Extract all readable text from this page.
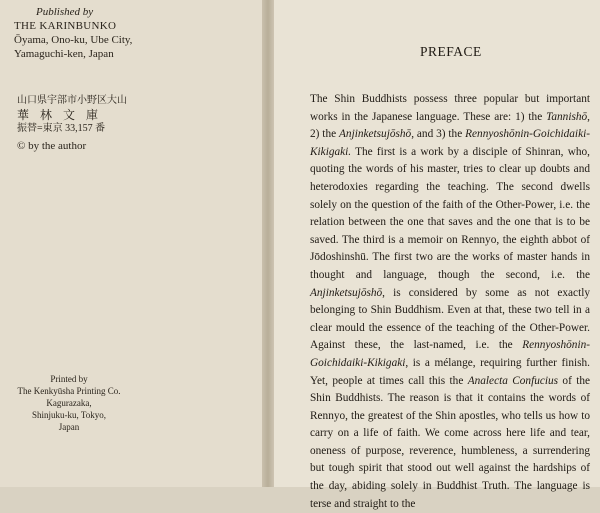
Published by
THE KARINBUNKO
Ōyama, Ono-ku, Ube City,
Yamaguchi-ken, Japan
山口県宇部市小野区大山
華林文庫
振替=東京 33,157 番
© by the author
Printed by
The Kenkyūsha Printing Co.
Kagurazaka,
Shinjuku-ku, Tokyo,
Japan
PREFACE

The Shin Buddhists possess three popular but important works in the Japanese language. These are: 1) the Tannishō, 2) the Anjinketsujōshō, and 3) the Rennyoshōnin-Goichidaiki-Kikigaki. The first is a work by a disciple of Shinran, who, quoting the words of his master, tries to clear up doubts and heterodoxies regarding the teaching. The second dwells solely on the question of the faith of the Other-Power, i.e. the relation between the one that saves and the one that is to be saved. The third is a memoir on Rennyo, the eighth abbot of Jōdoshinshū. The first two are the works of master hands in thought and language, though the second, i.e. the Anjinketsujōshō, is considered by some as not exactly belonging to Shin Buddhism. Even at that, these two tell in a clear mould the essence of the teaching of the Other-Power. Against these, the last-named, i.e. the Rennyoshōnin-Goichidaiki-Kikigaki, is a mélange, requiring further finish. Yet, people at times call this the Analecta Confucius of the Shin Buddhists. The reason is that it contains the words of Rennyo, the greatest of the Shin apostles, who tells us how to carry on a life of faith. We come across here life and tear, oneness of purpose, reverence, humbleness, a surrendering but tough spirit that stood out well against the hardships of the day, abiding solely in Buddhist Truth. The language is terse and straight to the
